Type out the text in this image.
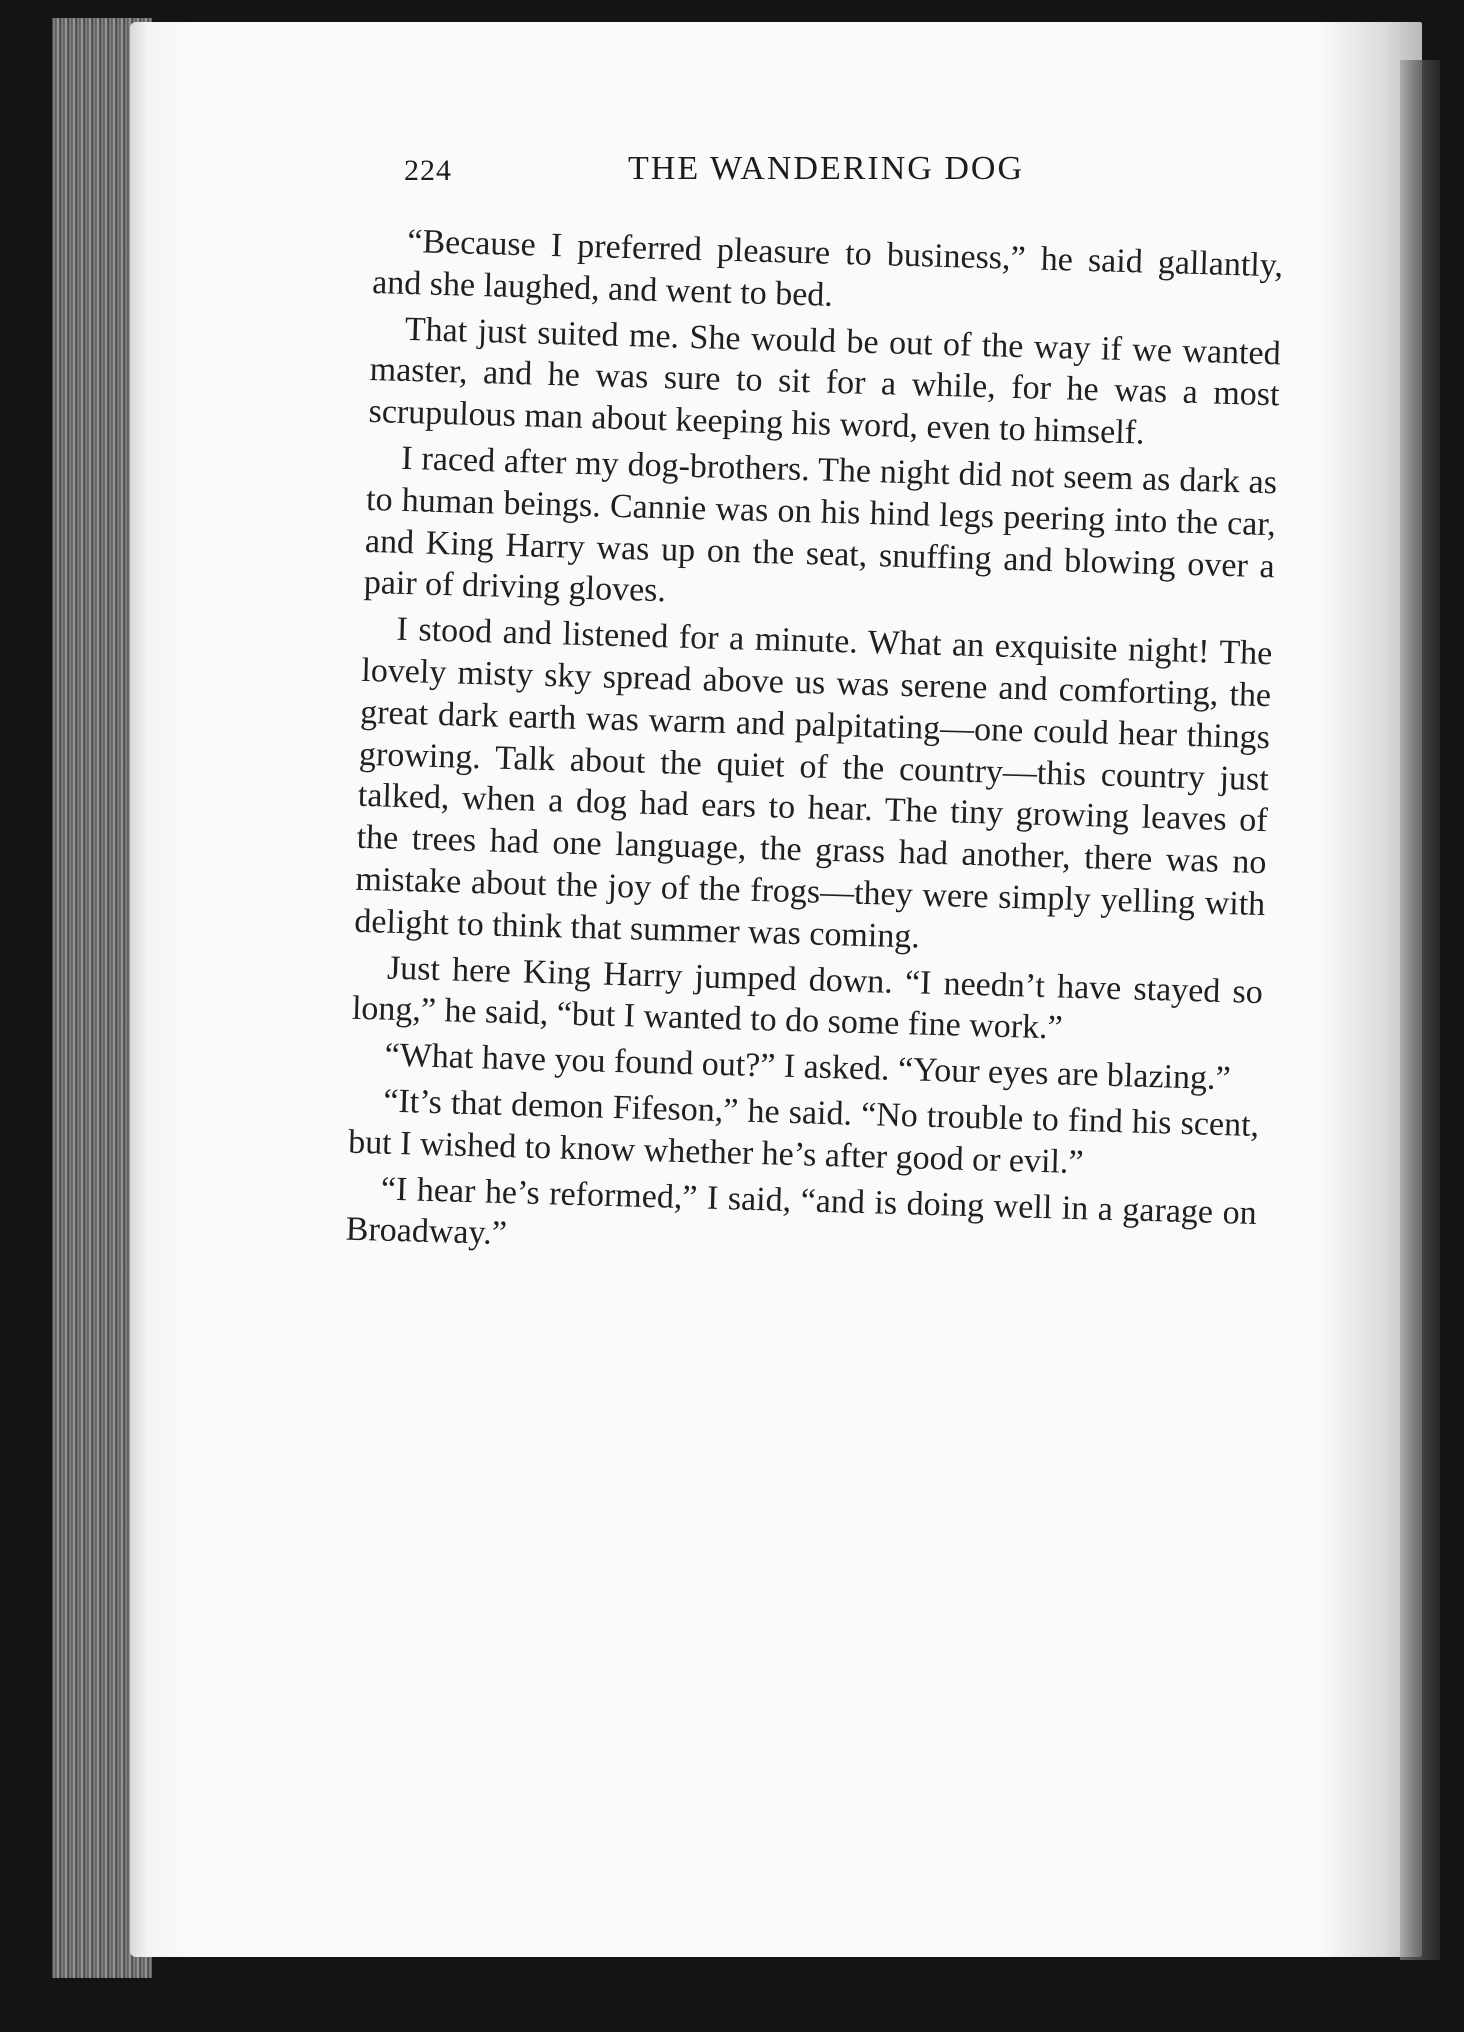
224	THE WANDERING DOG

“Because I preferred pleasure to business,” he said gallantly, and she laughed, and went to bed.

That just suited me. She would be out of the way if we wanted master, and he was sure to sit for a while, for he was a most scrupulous man about keeping his word, even to himself.

I raced after my dog-brothers. The night did not seem as dark as to human beings. Cannie was on his hind legs peering into the car, and King Harry was up on the seat, snuffing and blowing over a pair of driving gloves.

I stood and listened for a minute. What an exquisite night! The lovely misty sky spread above us was serene and comforting, the great dark earth was warm and palpitating—one could hear things growing. Talk about the quiet of the country—this country just talked, when a dog had ears to hear. The tiny growing leaves of the trees had one language, the grass had another, there was no mistake about the joy of the frogs—they were simply yelling with delight to think that summer was coming.

Just here King Harry jumped down. “I needn’t have stayed so long,” he said, “but I wanted to do some fine work.”

“What have you found out?” I asked. “Your eyes are blazing.”

“It’s that demon Fifeson,” he said. “No trouble to find his scent, but I wished to know whether he’s after good or evil.”

“I hear he’s reformed,” I said, “and is doing well in a garage on Broadway.”
